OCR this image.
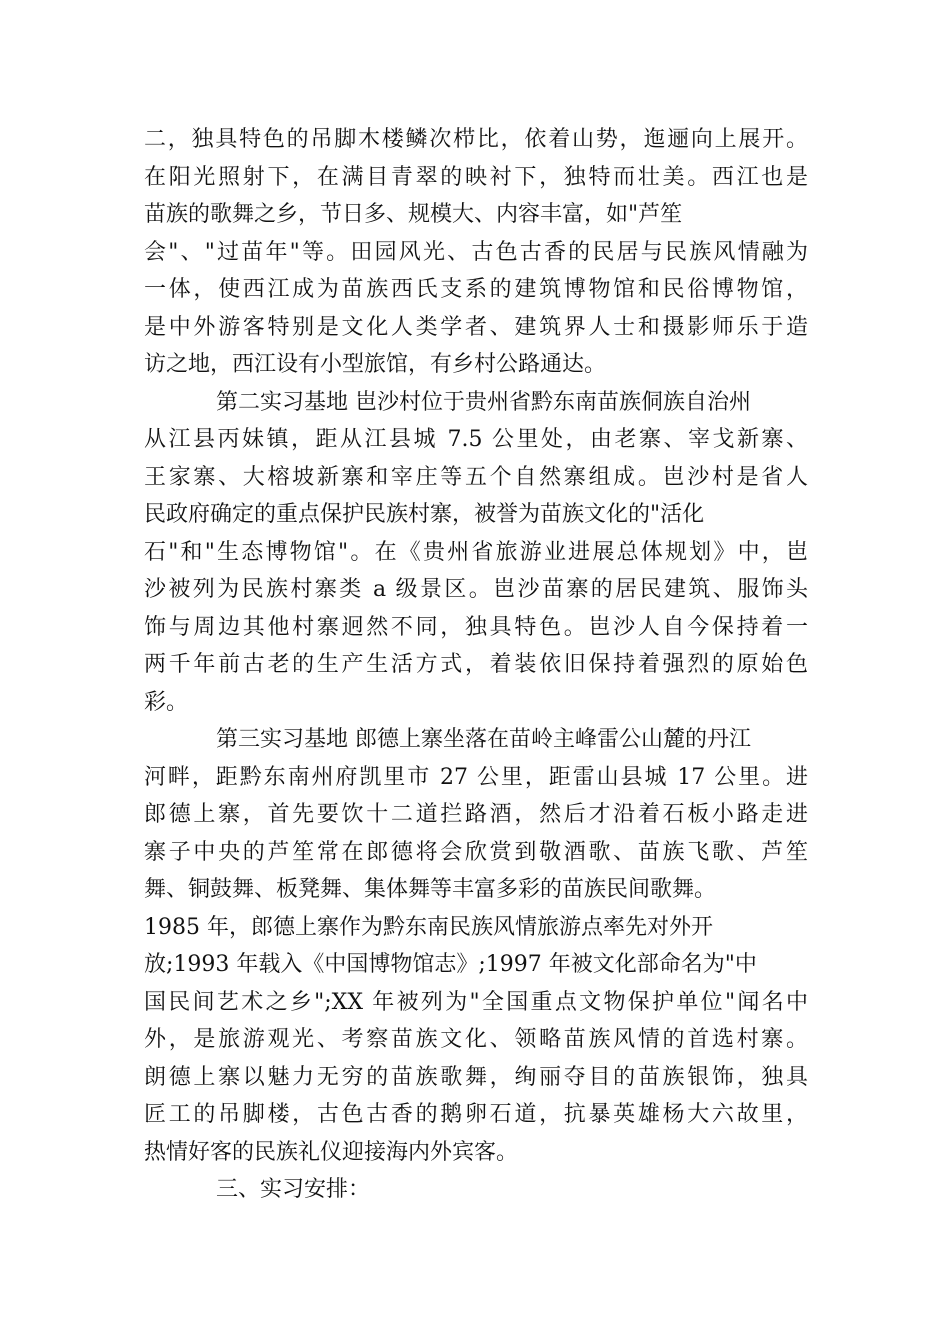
二，独具特色的吊脚木楼鳞次栉比，依着山势，迤逦向上展开。
在阳光照射下，在满目青翠的映衬下，独特而壮美。西江也是
苗族的歌舞之乡，节日多、规模大、内容丰富，如"芦笙
会"、"过苗年"等。田园风光、古色古香的民居与民族风情融为
一体，使西江成为苗族西氏支系的建筑博物馆和民俗博物馆，
是中外游客特别是文化人类学者、建筑界人士和摄影师乐于造
访之地，西江设有小型旅馆，有乡村公路通达。
第二实习基地 岜沙村位于贵州省黔东南苗族侗族自治州
从江县丙妹镇，距从江县城 7.5 公里处，由老寨、宰戈新寨、
王家寨、大榕坡新寨和宰庄等五个自然寨组成。岜沙村是省人
民政府确定的重点保护民族村寨，被誉为苗族文化的"活化
石"和"生态博物馆"。在《贵州省旅游业进展总体规划》中，岜
沙被列为民族村寨类 a 级景区。岜沙苗寨的居民建筑、服饰头
饰与周边其他村寨迥然不同，独具特色。岜沙人自今保持着一
两千年前古老的生产生活方式，着装依旧保持着强烈的原始色
彩。
第三实习基地 郎德上寨坐落在苗岭主峰雷公山麓的丹江
河畔，距黔东南州府凯里市 27 公里，距雷山县城 17 公里。进
郎德上寨，首先要饮十二道拦路酒，然后才沿着石板小路走进
寨子中央的芦笙常在郎德将会欣赏到敬酒歌、苗族飞歌、芦笙
舞、铜鼓舞、板凳舞、集体舞等丰富多彩的苗族民间歌舞。
1985 年，郎德上寨作为黔东南民族风情旅游点率先对外开
放;1993 年载入《中国博物馆志》;1997 年被文化部命名为"中
国民间艺术之乡";XX 年被列为"全国重点文物保护单位"闻名中
外，是旅游观光、考察苗族文化、领略苗族风情的首选村寨。
朗德上寨以魅力无穷的苗族歌舞，绚丽夺目的苗族银饰，独具
匠工的吊脚楼，古色古香的鹅卵石道，抗暴英雄杨大六故里，
热情好客的民族礼仪迎接海内外宾客。
三、实习安排：
